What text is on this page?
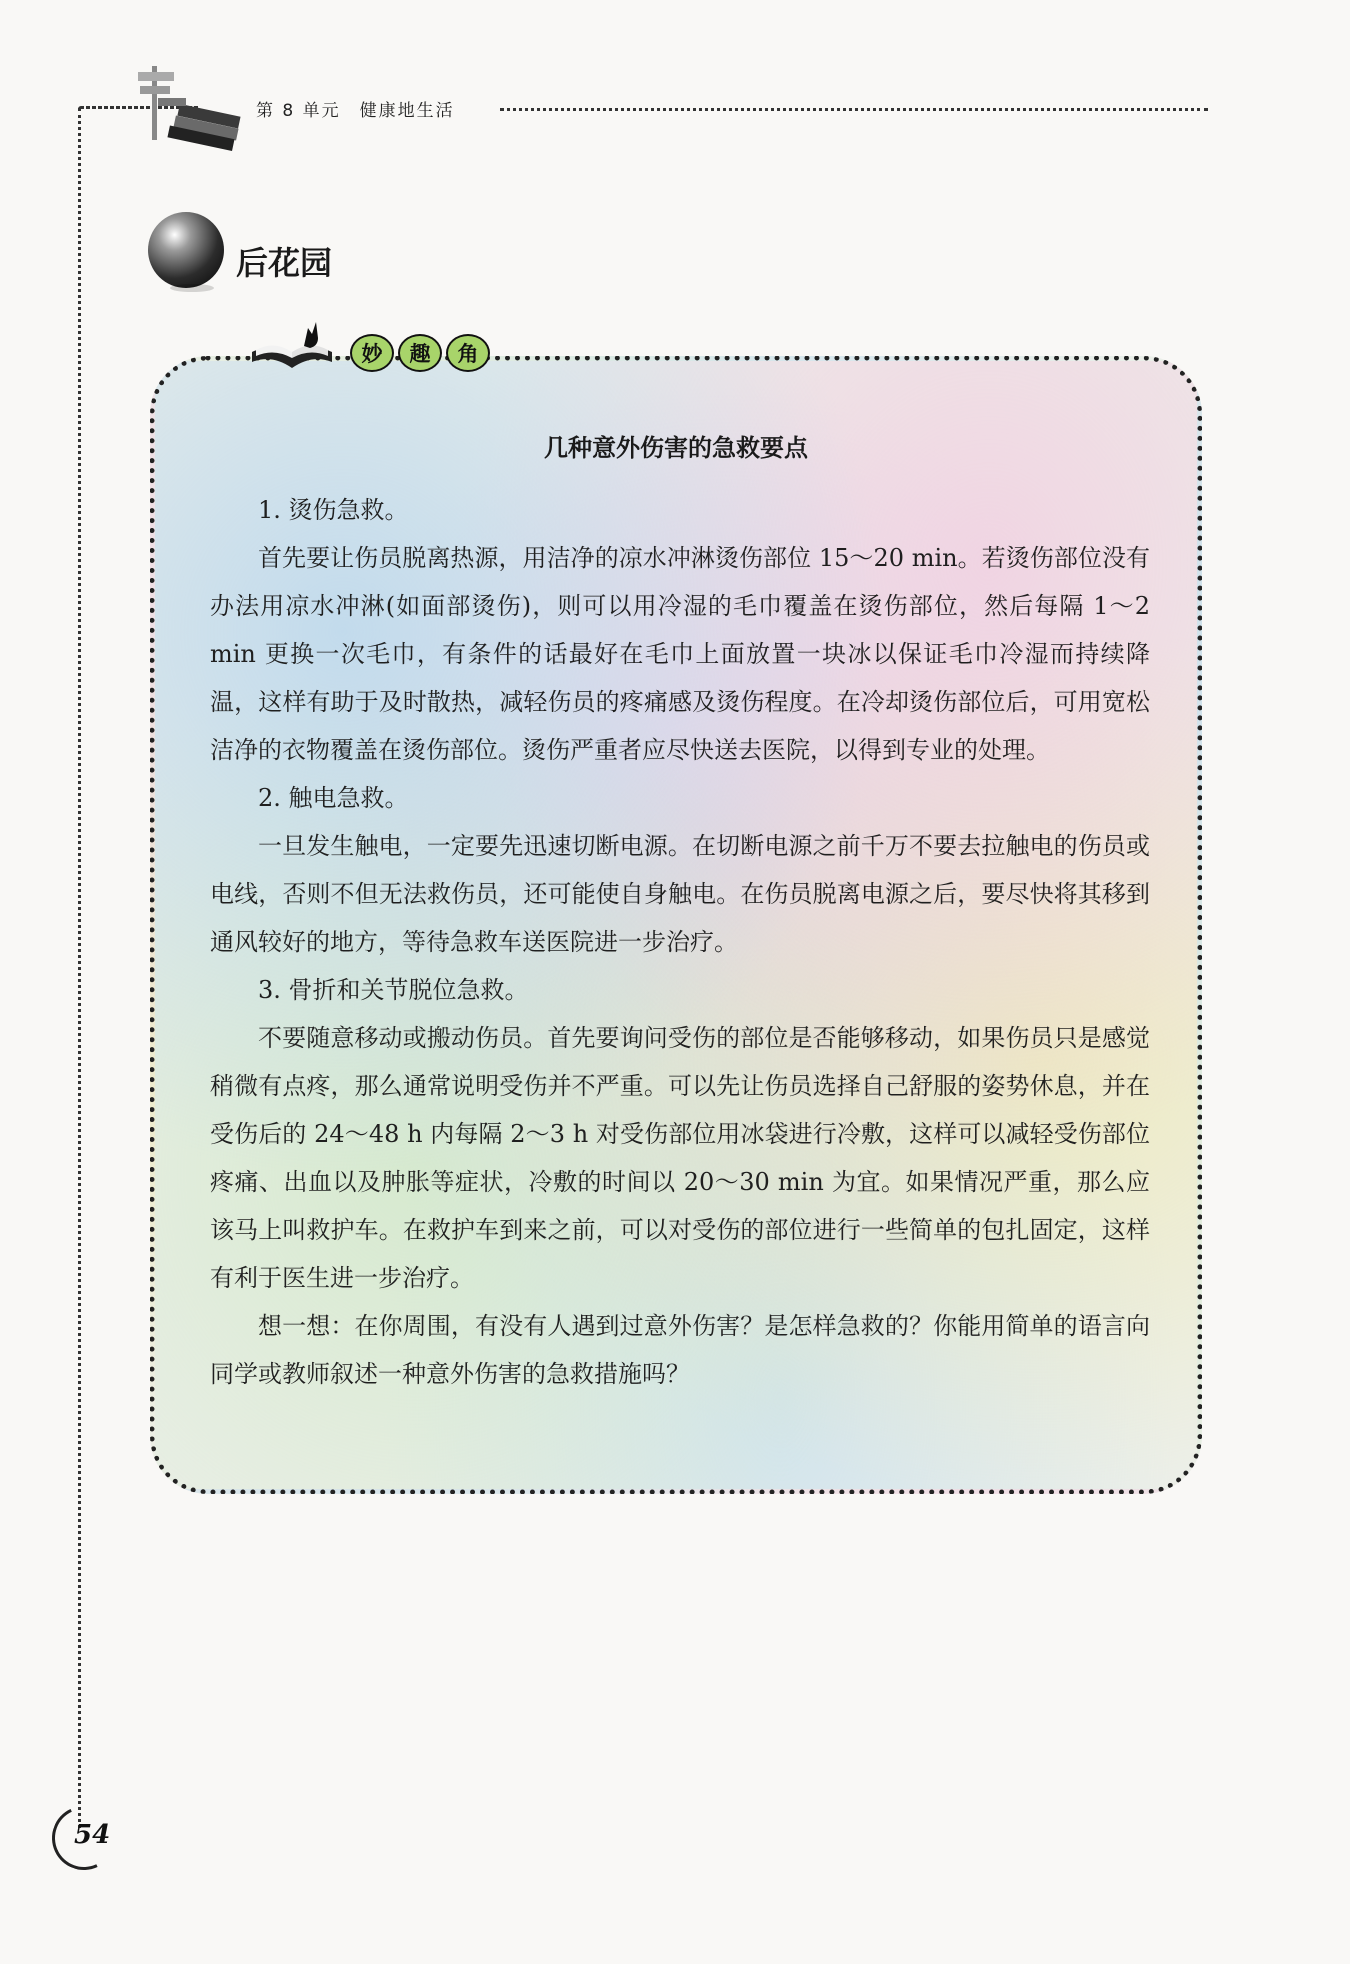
第 8 单元　健康地生活
后花园
妙	趣	角
几种意外伤害的急救要点

1. 烫伤急救。

首先要让伤员脱离热源，用洁净的凉水冲淋烫伤部位 15～20 min。若烫伤部位没有办法用凉水冲淋(如面部烫伤)，则可以用冷湿的毛巾覆盖在烫伤部位，然后每隔 1～2 min 更换一次毛巾，有条件的话最好在毛巾上面放置一块冰以保证毛巾冷湿而持续降温，这样有助于及时散热，减轻伤员的疼痛感及烫伤程度。在冷却烫伤部位后，可用宽松洁净的衣物覆盖在烫伤部位。烫伤严重者应尽快送去医院，以得到专业的处理。

2. 触电急救。

一旦发生触电，一定要先迅速切断电源。在切断电源之前千万不要去拉触电的伤员或电线，否则不但无法救伤员，还可能使自身触电。在伤员脱离电源之后，要尽快将其移到通风较好的地方，等待急救车送医院进一步治疗。

3. 骨折和关节脱位急救。

不要随意移动或搬动伤员。首先要询问受伤的部位是否能够移动，如果伤员只是感觉稍微有点疼，那么通常说明受伤并不严重。可以先让伤员选择自己舒服的姿势休息，并在受伤后的 24～48 h 内每隔 2～3 h 对受伤部位用冰袋进行冷敷，这样可以减轻受伤部位疼痛、出血以及肿胀等症状，冷敷的时间以 20～30 min 为宜。如果情况严重，那么应该马上叫救护车。在救护车到来之前，可以对受伤的部位进行一些简单的包扎固定，这样有利于医生进一步治疗。

想一想：在你周围，有没有人遇到过意外伤害？是怎样急救的？你能用简单的语言向同学或教师叙述一种意外伤害的急救措施吗？

54
